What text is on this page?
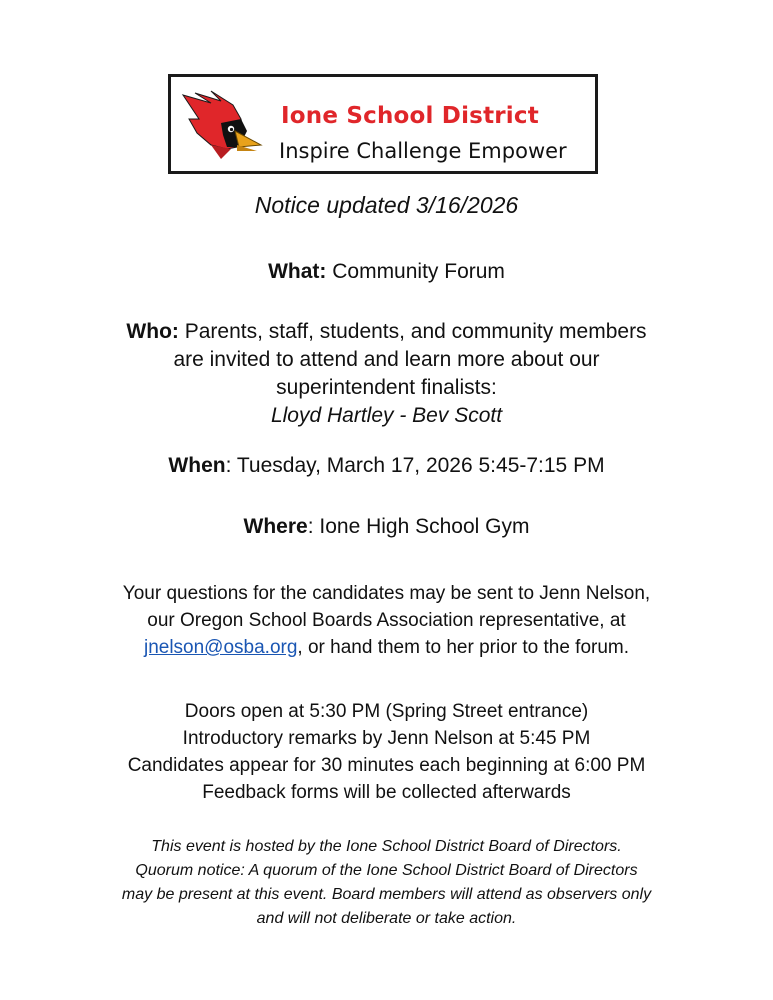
Ione School District
Inspire Challenge Empower
Notice updated 3/16/2026
What: Community Forum
Who: Parents, staff, students, and community members
are invited to attend and learn more about our
superintendent finalists:
Lloyd Hartley - Bev Scott
When: Tuesday, March 17, 2026 5:45-7:15 PM
Where: Ione High School Gym
Your questions for the candidates may be sent to Jenn Nelson,
our Oregon School Boards Association representative, at
jnelson@osba.org, or hand them to her prior to the forum.
Doors open at 5:30 PM (Spring Street entrance)
Introductory remarks by Jenn Nelson at 5:45 PM
Candidates appear for 30 minutes each beginning at 6:00 PM
Feedback forms will be collected afterwards
This event is hosted by the Ione School District Board of Directors.
Quorum notice: A quorum of the Ione School District Board of Directors
may be present at this event. Board members will attend as observers only
and will not deliberate or take action.
